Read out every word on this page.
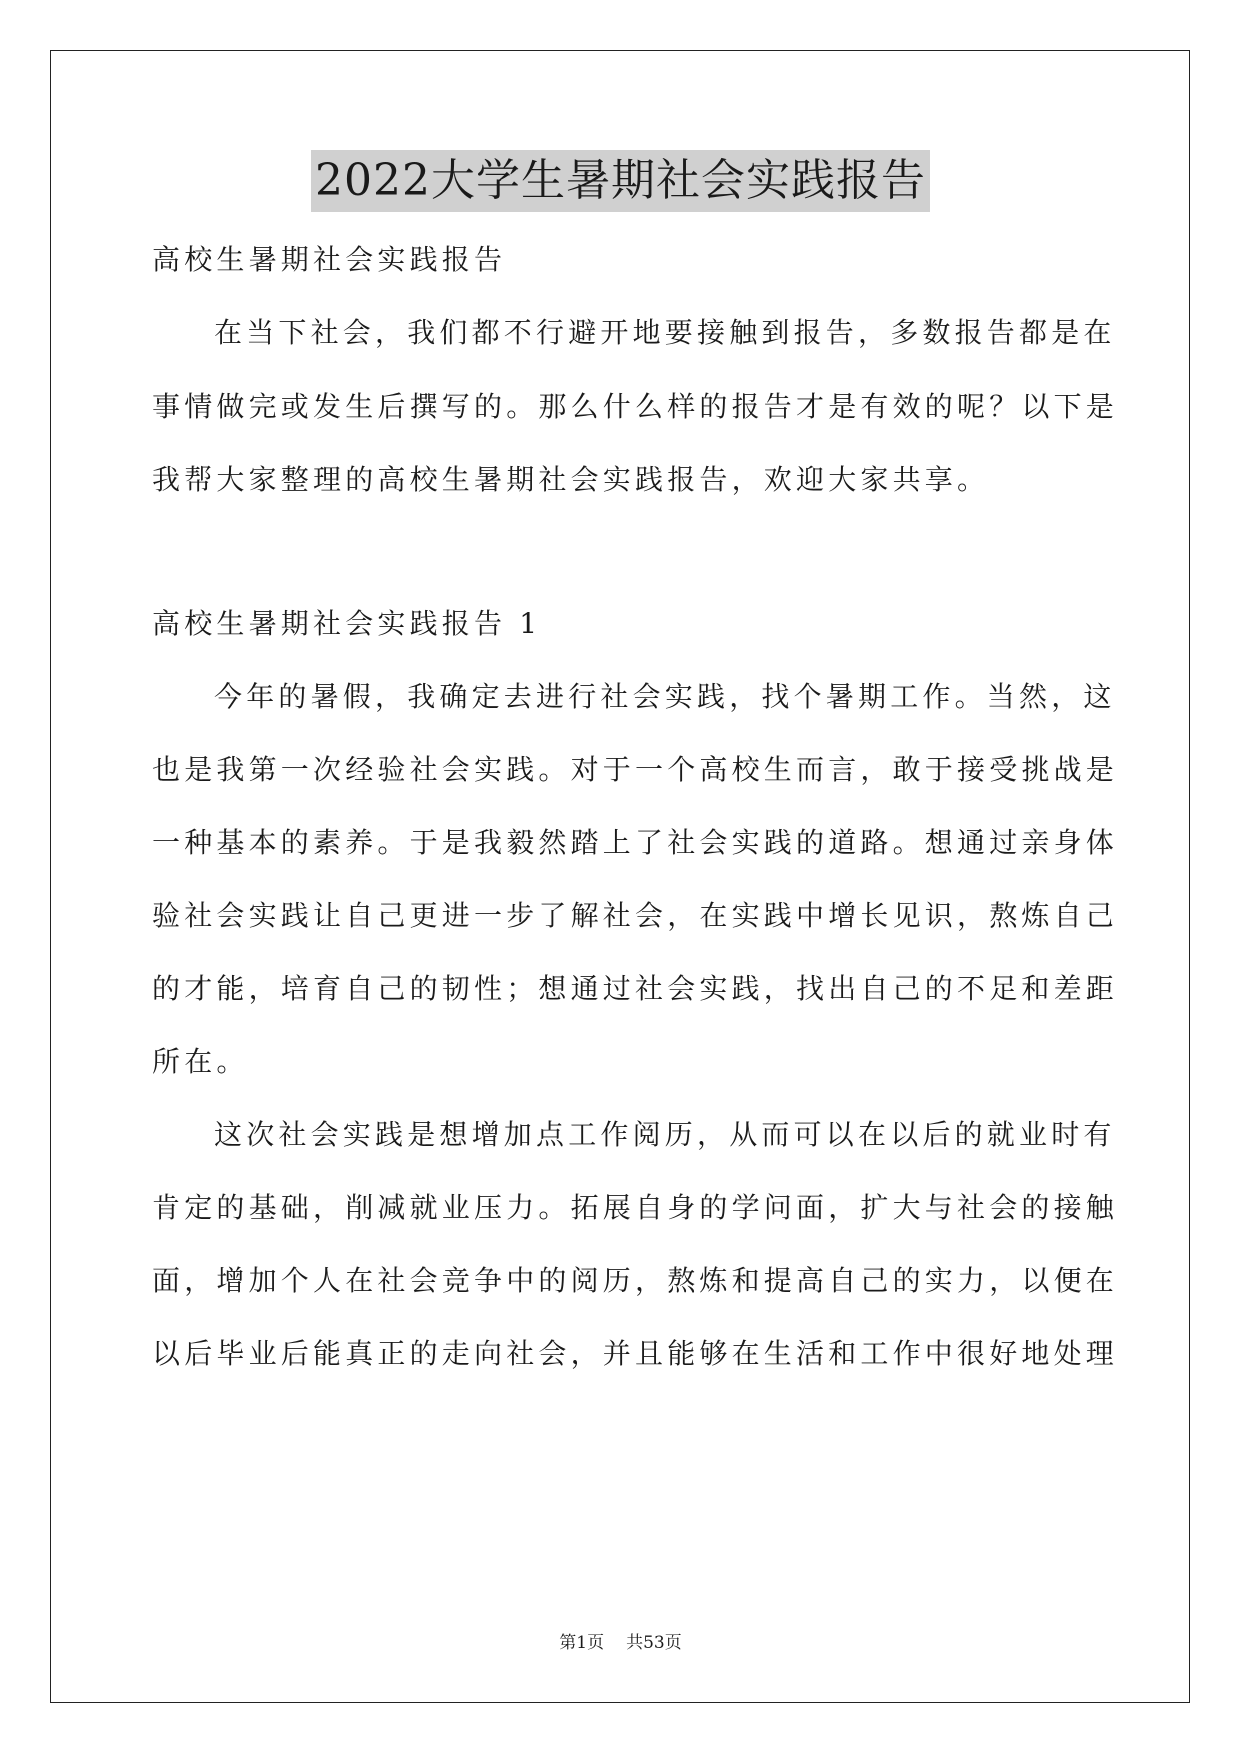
2022大学生暑期社会实践报告
高校生暑期社会实践报告
在当下社会，我们都不行避开地要接触到报告，多数报告都是在
事情做完或发生后撰写的。那么什么样的报告才是有效的呢？以下是
我帮大家整理的高校生暑期社会实践报告，欢迎大家共享。
高校生暑期社会实践报告 1
今年的暑假，我确定去进行社会实践，找个暑期工作。当然，这
也是我第一次经验社会实践。对于一个高校生而言，敢于接受挑战是
一种基本的素养。于是我毅然踏上了社会实践的道路。想通过亲身体
验社会实践让自己更进一步了解社会，在实践中增长见识，熬炼自己
的才能，培育自己的韧性；想通过社会实践，找出自己的不足和差距
所在。
这次社会实践是想增加点工作阅历，从而可以在以后的就业时有
肯定的基础，削减就业压力。拓展自身的学问面，扩大与社会的接触
面，增加个人在社会竞争中的阅历，熬炼和提高自己的实力，以便在
以后毕业后能真正的走向社会，并且能够在生活和工作中很好地处理
第1页 共53页
